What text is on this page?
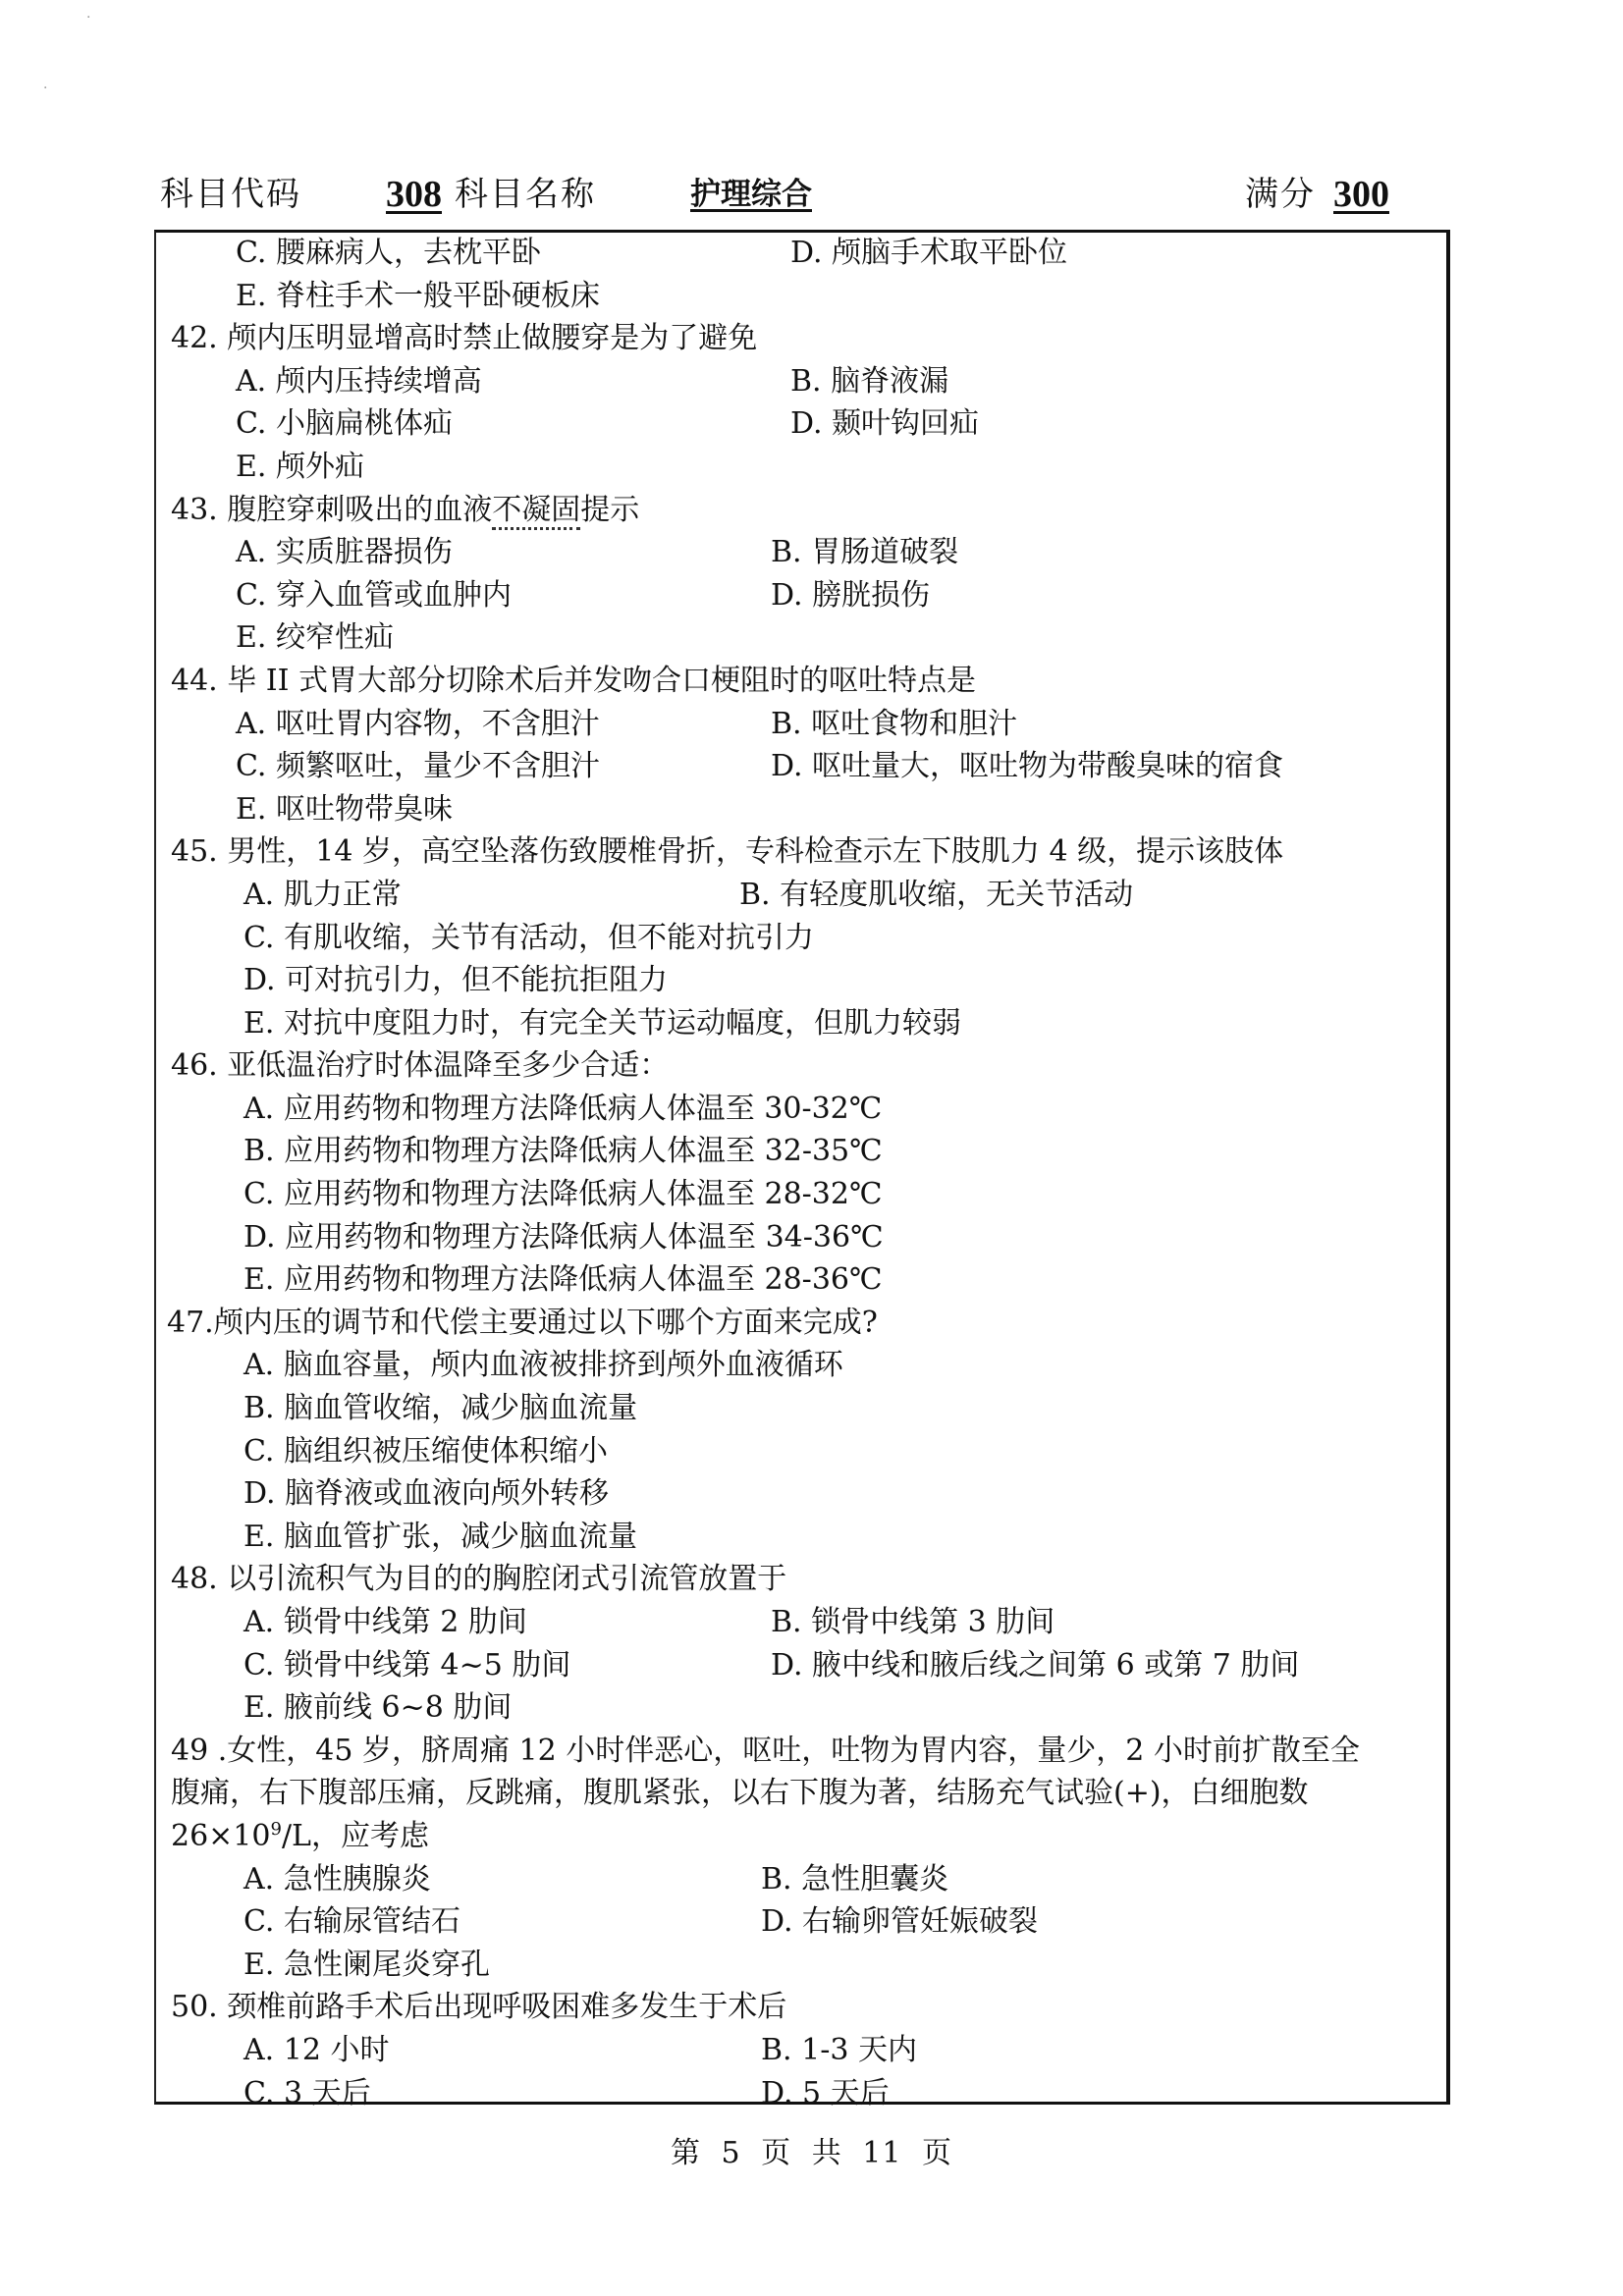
科目代码 308 科目名称	护理综合	满分 300
C. 腰麻病人，去枕平卧	D. 颅脑手术取平卧位
E. 脊柱手术一般平卧硬板床
42. 颅内压明显增高时禁止做腰穿是为了避免
A. 颅内压持续增高	B. 脑脊液漏
C. 小脑扁桃体疝	D. 颞叶钩回疝
E. 颅外疝
43. 腹腔穿刺吸出的血液不凝固提示
A. 实质脏器损伤	B. 胃肠道破裂
C. 穿入血管或血肿内	D. 膀胱损伤
E. 绞窄性疝
44. 毕 II 式胃大部分切除术后并发吻合口梗阻时的呕吐特点是
A. 呕吐胃内容物，不含胆汁	B. 呕吐食物和胆汁
C. 频繁呕吐，量少不含胆汁	D. 呕吐量大，呕吐物为带酸臭味的宿食
E. 呕吐物带臭味
45. 男性，14 岁，高空坠落伤致腰椎骨折，专科检查示左下肢肌力 4 级，提示该肢体
A. 肌力正常	B. 有轻度肌收缩，无关节活动
C. 有肌收缩，关节有活动，但不能对抗引力
D. 可对抗引力，但不能抗拒阻力
E. 对抗中度阻力时，有完全关节运动幅度，但肌力较弱
46. 亚低温治疗时体温降至多少合适：
A. 应用药物和物理方法降低病人体温至 30-32℃
B. 应用药物和物理方法降低病人体温至 32-35℃
C. 应用药物和物理方法降低病人体温至 28-32℃
D. 应用药物和物理方法降低病人体温至 34-36℃
E. 应用药物和物理方法降低病人体温至 28-36℃
47.颅内压的调节和代偿主要通过以下哪个方面来完成?
A. 脑血容量，颅内血液被排挤到颅外血液循环
B. 脑血管收缩，减少脑血流量
C. 脑组织被压缩使体积缩小
D. 脑脊液或血液向颅外转移
E. 脑血管扩张，减少脑血流量
48. 以引流积气为目的的胸腔闭式引流管放置于
A. 锁骨中线第 2 肋间	B. 锁骨中线第 3 肋间
C. 锁骨中线第 4~5 肋间	D. 腋中线和腋后线之间第 6 或第 7 肋间
E. 腋前线 6~8 肋间
49 .女性，45 岁，脐周痛 12 小时伴恶心，呕吐，吐物为胃内容，量少，2 小时前扩散至全
腹痛，右下腹部压痛，反跳痛，腹肌紧张，以右下腹为著，结肠充气试验(+)，白细胞数
$26\times 10^9/L$，应考虑
A. 急性胰腺炎	B. 急性胆囊炎
C. 右输尿管结石	D. 右输卵管妊娠破裂
E. 急性阑尾炎穿孔
50. 颈椎前路手术后出现呼吸困难多发生于术后
A. 12 小时	B. 1-3 天内
C. 3 天后	D. 5 天后
第 5 页 共 11 页
·
·
